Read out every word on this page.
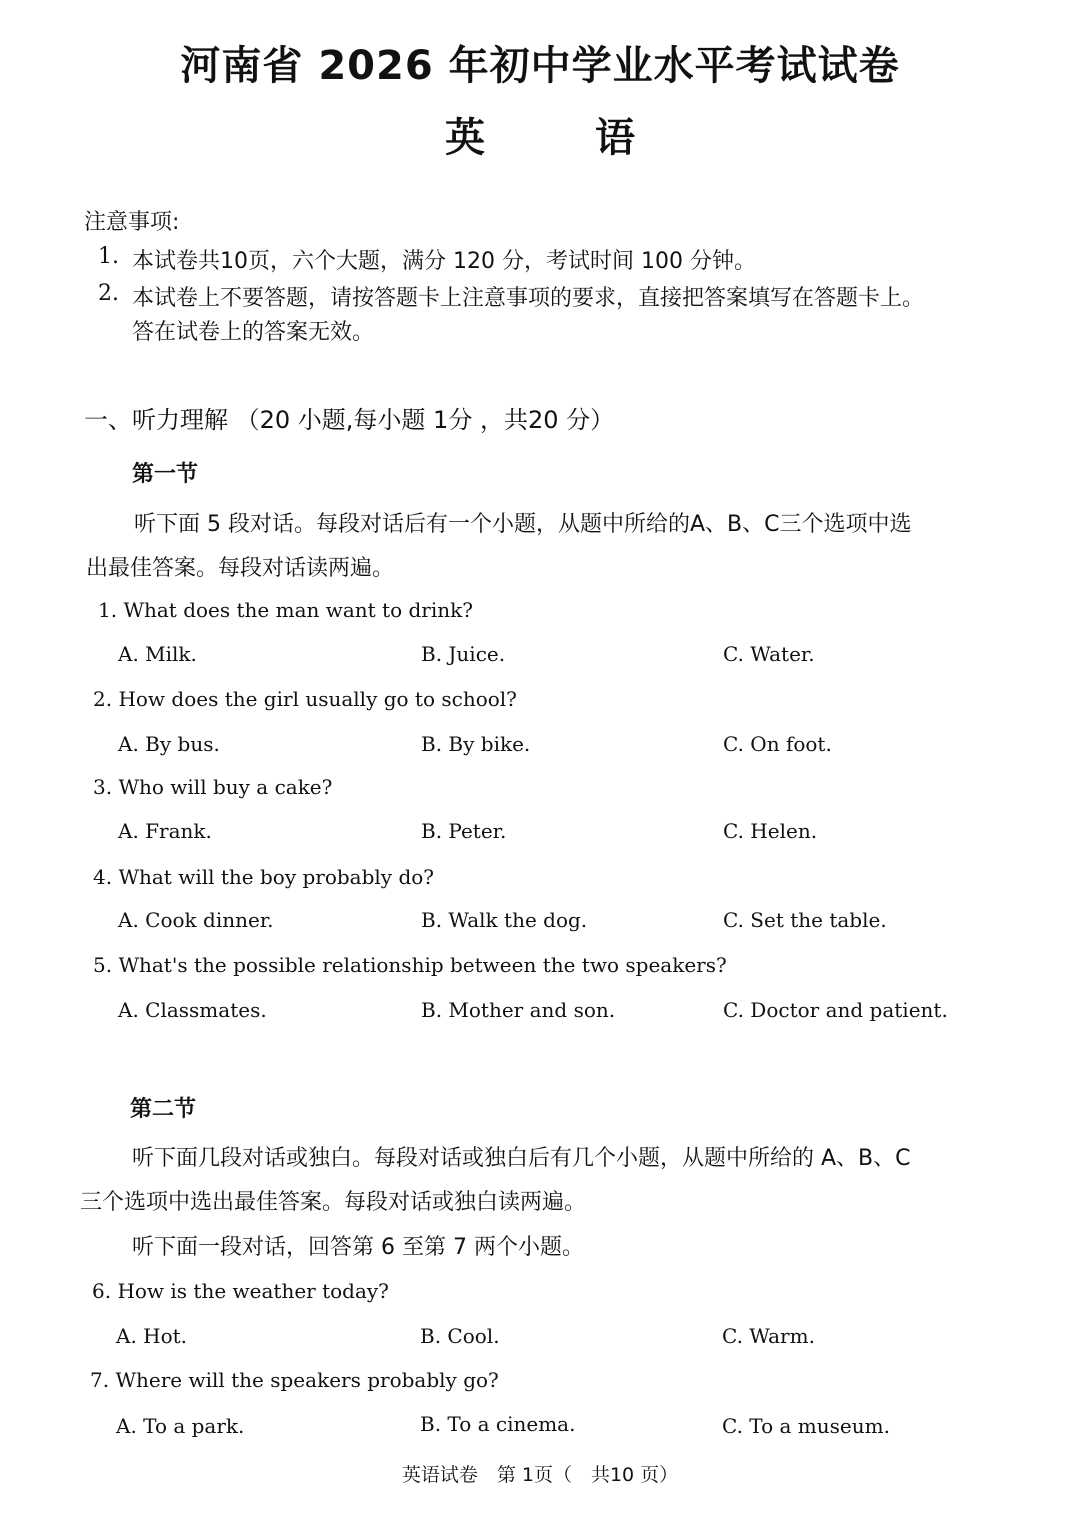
河南省 2026 年初中学业水平考试试卷
英语
注意事项:
1. 本试卷共10页，六个大题，满分 120 分，考试时间 100 分钟。
2. 本试卷上不要答题，请按答题卡上注意事项的要求，直接把答案填写在答题卡上。
答在试卷上的答案无效。
一、听力理解 （20 小题,每小题 1分 ，共20 分）
第一节
听下面 5 段对话。每段对话后有一个小题，从题中所给的A、B、C三个选项中选
出最佳答案。每段对话读两遍。
1. What does the man want to drink?
A. Milk.	B. Juice.	C. Water.
2. How does the girl usually go to school?
A. By bus.	B. By bike.	C. On foot.
3. Who will buy a cake?
A. Frank.	B. Peter.	C. Helen.
4. What will the boy probably do?
A. Cook dinner.	B. Walk the dog.	C. Set the table.
5. What's the possible relationship between the two speakers?
A. Classmates.	B. Mother and son.	C. Doctor and patient.
第二节
听下面几段对话或独白。每段对话或独白后有几个小题，从题中所给的 A、B、C
三个选项中选出最佳答案。每段对话或独白读两遍。
听下面一段对话，回答第 6 至第 7 两个小题。
6. How is the weather today?
A. Hot.	B. Cool.	C. Warm.
7. Where will the speakers probably go?
A. To a park.	B. To a cinema.	C. To a museum.
英语试卷　第 1页（　共10 页）
